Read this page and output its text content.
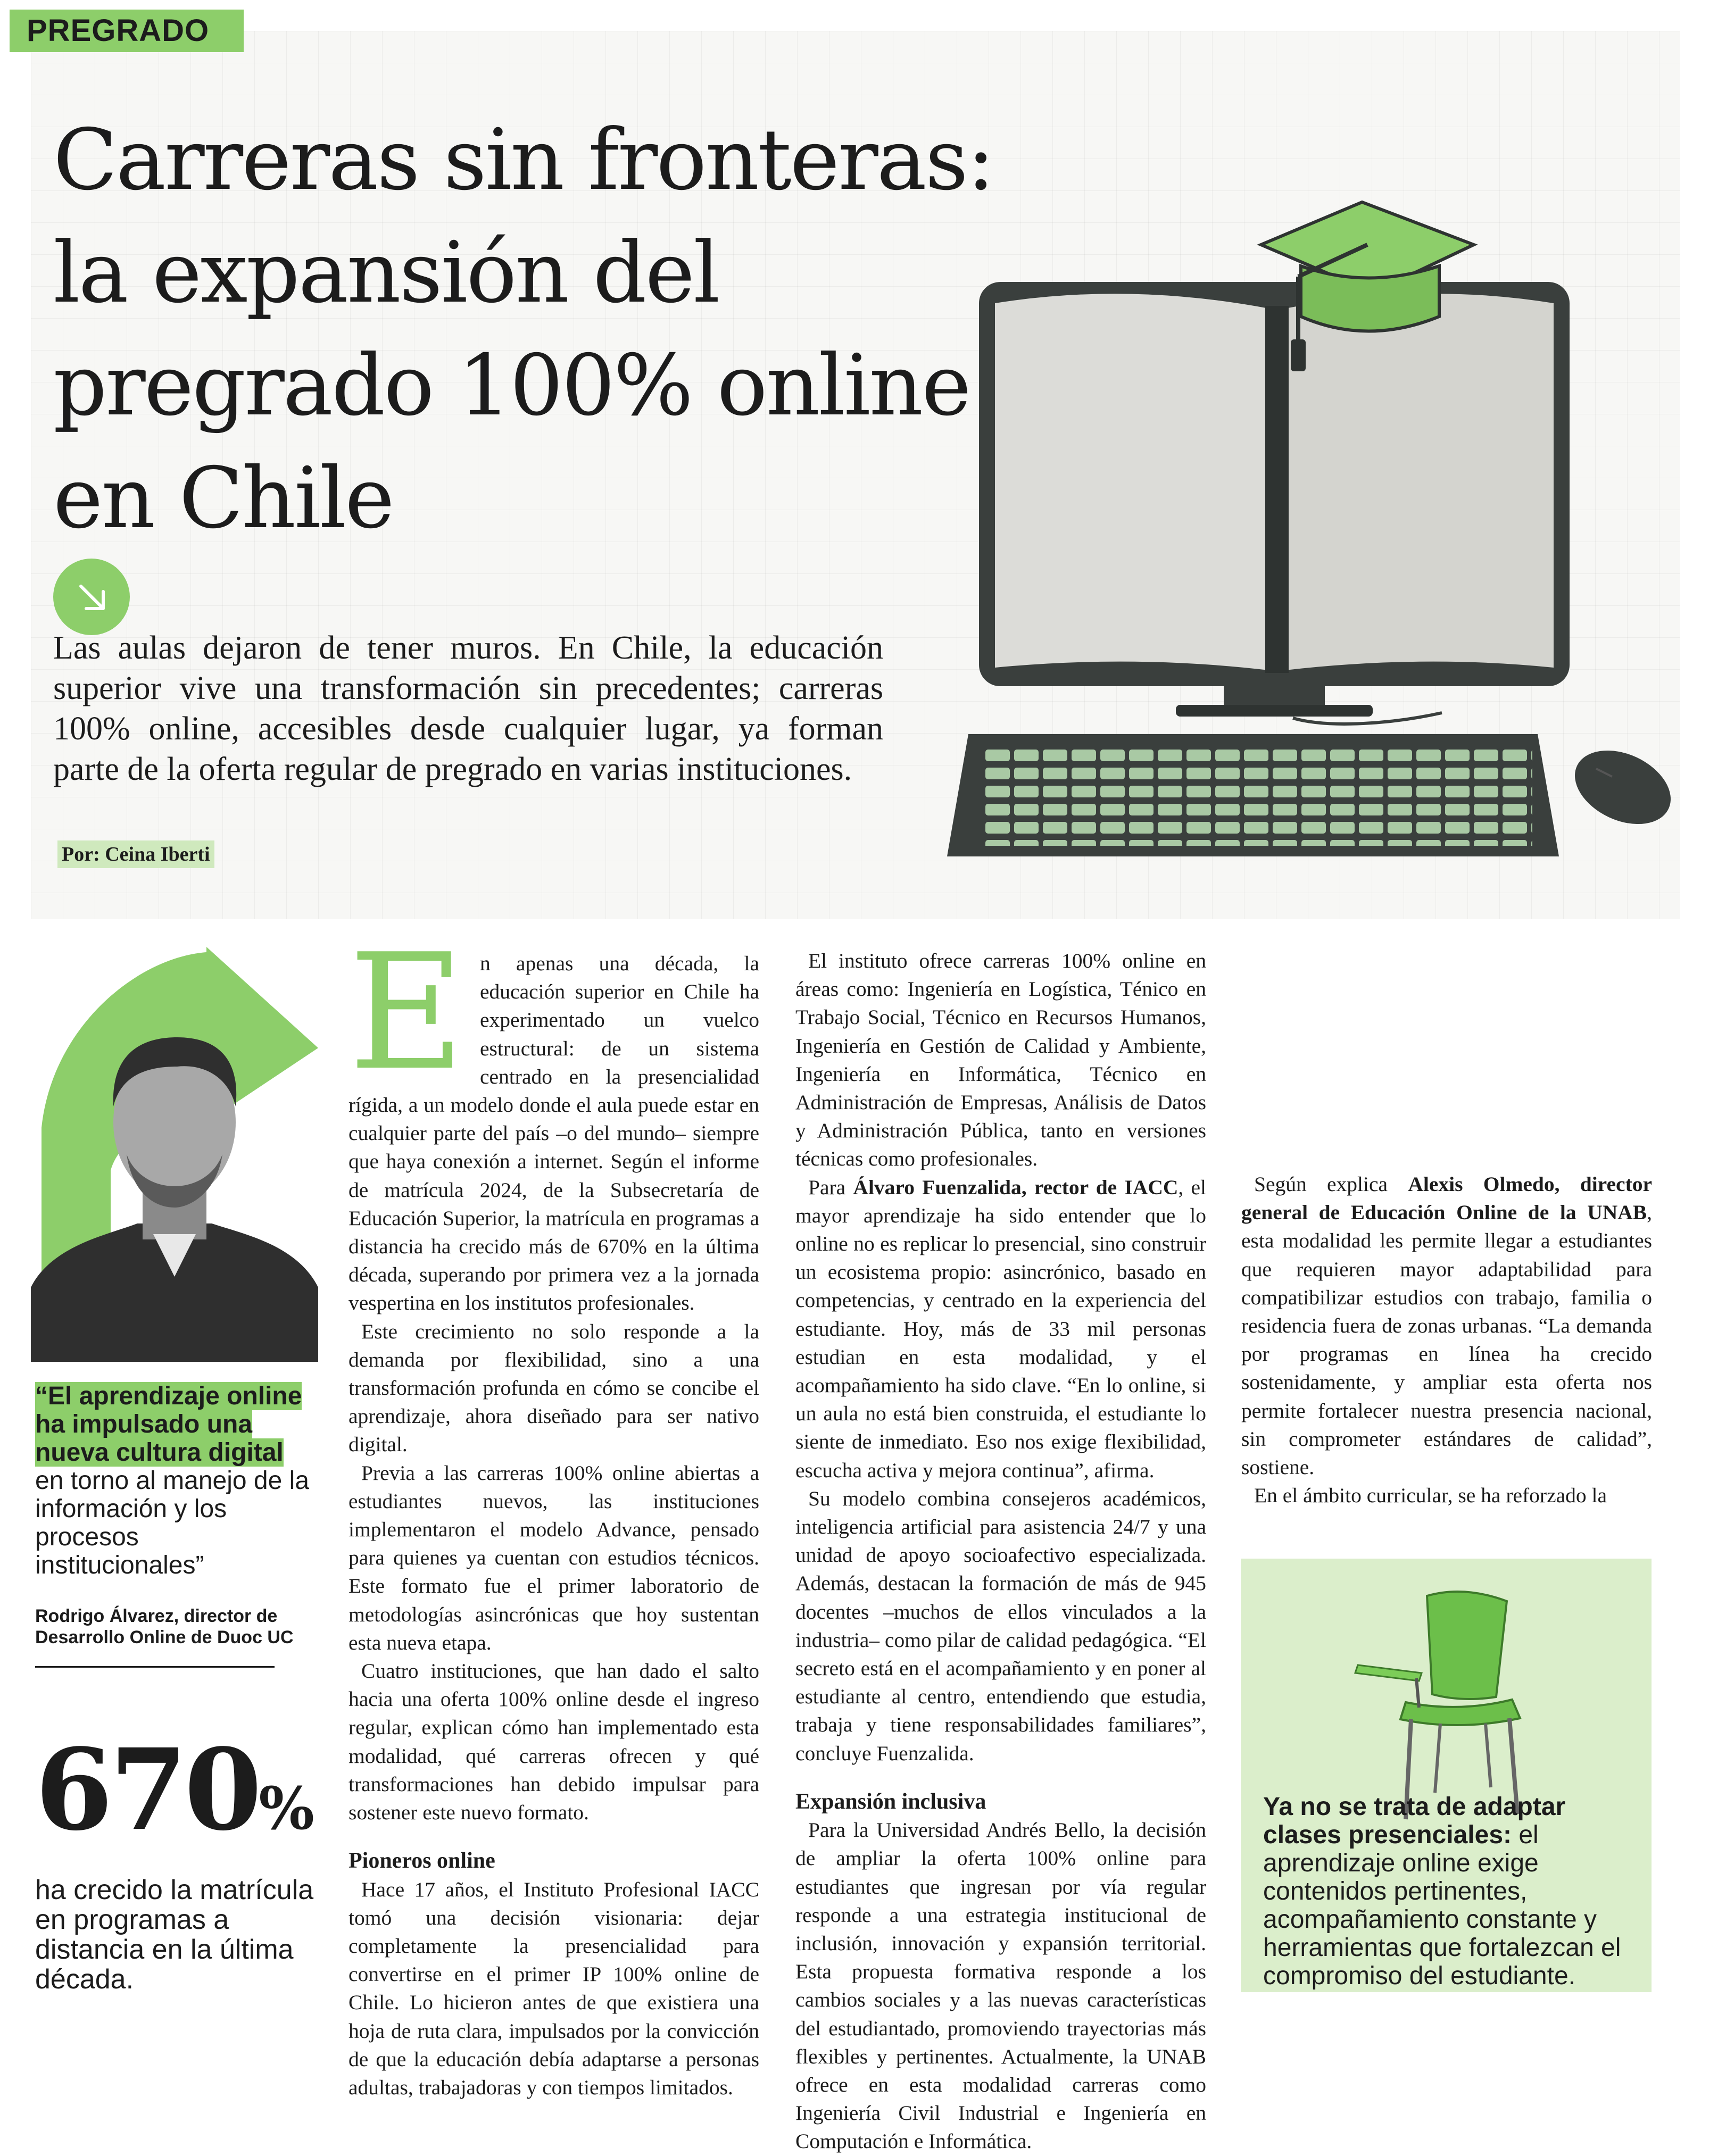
PREGRADO
Carreras sin fronteras: la expansión del pregrado 100% online en Chile

Las aulas dejaron de tener muros. En Chile, la educación superior vive una transformación sin precedentes; carreras 100% online, accesibles desde cualquier lugar, ya forman parte de la oferta regular de pregrado en varias instituciones.

Por: Ceina Iberti

“El aprendizaje online ha impulsado una nueva cultura digital en torno al manejo de la información y los procesos institucionales”

Rodrigo Álvarez, director de Desarrollo Online de Duoc UC
670%
ha crecido la matrícula en programas a distancia en la última década.

En apenas una década, la educación superior en Chile ha experimentado un vuelco estructural: de un sistema centrado en la presencialidad rígida, a un modelo donde el aula puede estar en cualquier parte del país –o del mundo– siempre que haya conexión a internet. Según el informe de matrícula 2024, de la Subsecretaría de Educación Superior, la matrícula en programas a distancia ha crecido más de 670% en la última década, superando por primera vez a la jornada vespertina en los institutos profesionales.

Este crecimiento no solo responde a la demanda por flexibilidad, sino a una transformación profunda en cómo se concibe el aprendizaje, ahora diseñado para ser nativo digital.

Previa a las carreras 100% online abiertas a estudiantes nuevos, las instituciones implementaron el modelo Advance, pensado para quienes ya cuentan con estudios técnicos. Este formato fue el primer laboratorio de metodologías asincrónicas que hoy sustentan esta nueva etapa.

Cuatro instituciones, que han dado el salto hacia una oferta 100% online desde el ingreso regular, explican cómo han implementado esta modalidad, qué carreras ofrecen y qué transformaciones han debido impulsar para sostener este nuevo formato.

Pioneros online

Hace 17 años, el Instituto Profesional IACC tomó una decisión visionaria: dejar completamente la presencialidad para convertirse en el primer IP 100% online de Chile. Lo hicieron antes de que existiera una hoja de ruta clara, impulsados por la convicción de que la educación debía adaptarse a personas adultas, trabajadoras y con tiempos limitados.

El instituto ofrece carreras 100% online en áreas como: Ingeniería en Logística, Ténico en Trabajo Social, Técnico en Recursos Humanos, Ingeniería en Gestión de Calidad y Ambiente, Ingeniería en Informática, Técnico en Administración de Empresas, Análisis de Datos y Administración Pública, tanto en versiones técnicas como profesionales.

Para Álvaro Fuenzalida, rector de IACC, el mayor aprendizaje ha sido entender que lo online no es replicar lo presencial, sino construir un ecosistema propio: asincrónico, basado en competencias, y centrado en la experiencia del estudiante. Hoy, más de 33 mil personas estudian en esta modalidad, y el acompañamiento ha sido clave. “En lo online, si un aula no está bien construida, el estudiante lo siente de inmediato. Eso nos exige flexibilidad, escucha activa y mejora continua”, afirma.

Su modelo combina consejeros académicos, inteligencia artificial para asistencia 24/7 y una unidad de apoyo socioafectivo especializada. Además, destacan la formación de más de 945 docentes –muchos de ellos vinculados a la industria– como pilar de calidad pedagógica. “El secreto está en el acompañamiento y en poner al estudiante al centro, entendiendo que estudia, trabaja y tiene responsabilidades familiares”, concluye Fuenzalida.

Expansión inclusiva

Para la Universidad Andrés Bello, la decisión de ampliar la oferta 100% online para estudiantes que ingresan por vía regular responde a una estrategia institucional de inclusión, innovación y expansión territorial. Esta propuesta formativa responde a los cambios sociales y a las nuevas características del estudiantado, promoviendo trayectorias más flexibles y pertinentes. Actualmente, la UNAB ofrece en esta modalidad carreras como Ingeniería Civil Industrial e Ingeniería en Computación e Informática.

Según explica Alexis Olmedo, director general de Educación Online de la UNAB, esta modalidad les permite llegar a estudiantes que requieren mayor adaptabilidad para compatibilizar estudios con trabajo, familia o residencia fuera de zonas urbanas. “La demanda por programas en línea ha crecido sostenidamente, y ampliar esta oferta nos permite fortalecer nuestra presencia nacional, sin comprometer estándares de calidad”, sostiene.

En el ámbito curricular, se ha reforzado la

Ya no se trata de adaptar clases presenciales: el aprendizaje online exige contenidos pertinentes, acompañamiento constante y herramientas que fortalezcan el compromiso del estudiante.
